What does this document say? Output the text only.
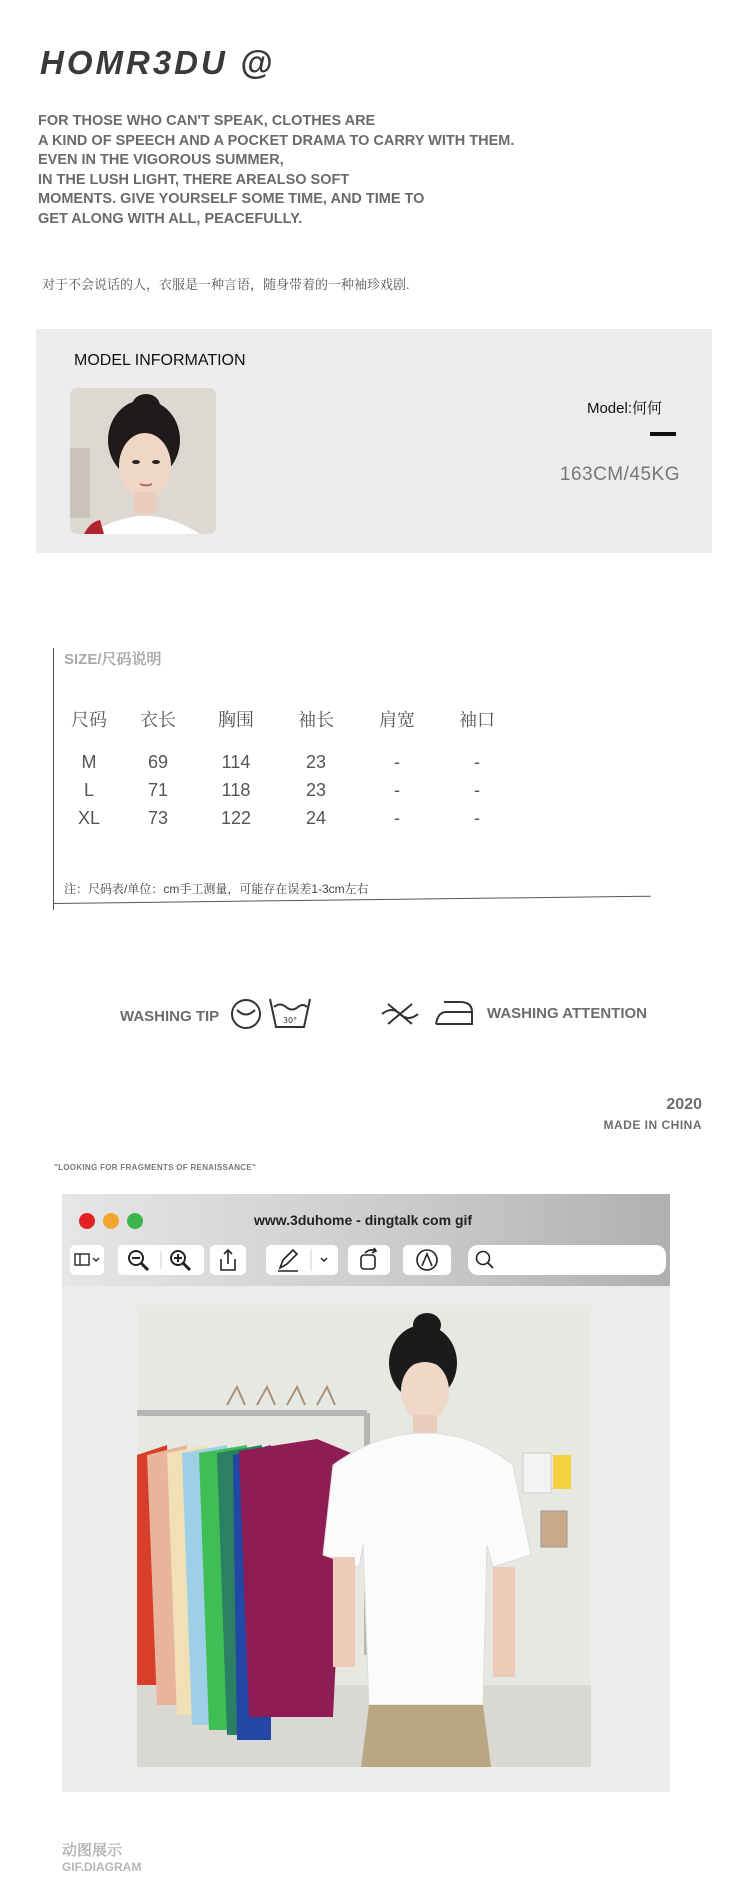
HOMR3DU @
FOR THOSE WHO CAN'T SPEAK, CLOTHES ARE
A KIND OF SPEECH AND A POCKET DRAMA TO CARRY WITH THEM.
EVEN IN THE VIGOROUS SUMMER,
IN THE LUSH LIGHT, THERE AREALSO SOFT
MOMENTS. GIVE YOURSELF SOME TIME, AND TIME TO
GET ALONG WITH ALL, PEACEFULLY.
对于不会说话的人，衣服是一种言语，随身带着的一种袖珍戏剧.
MODEL INFORMATION
Model:何何
163CM/45KG
SIZE/尺码说明
尺码	衣长	胸围	袖长	肩宽	袖口
M	69	114	23	-	-
L	71	118	23	-	-
XL	73	122	24	-	-
注：尺码表/单位：cm手工测量，可能存在误差1-3cm左右
WASHING TIP	30°	WASHING ATTENTION
2020
MADE IN CHINA
"LOOKING FOR FRAGMENTS OF RENAISSANCE"
www.3duhome - dingtalk com gif
动图展示
GIF.DIAGRAM
